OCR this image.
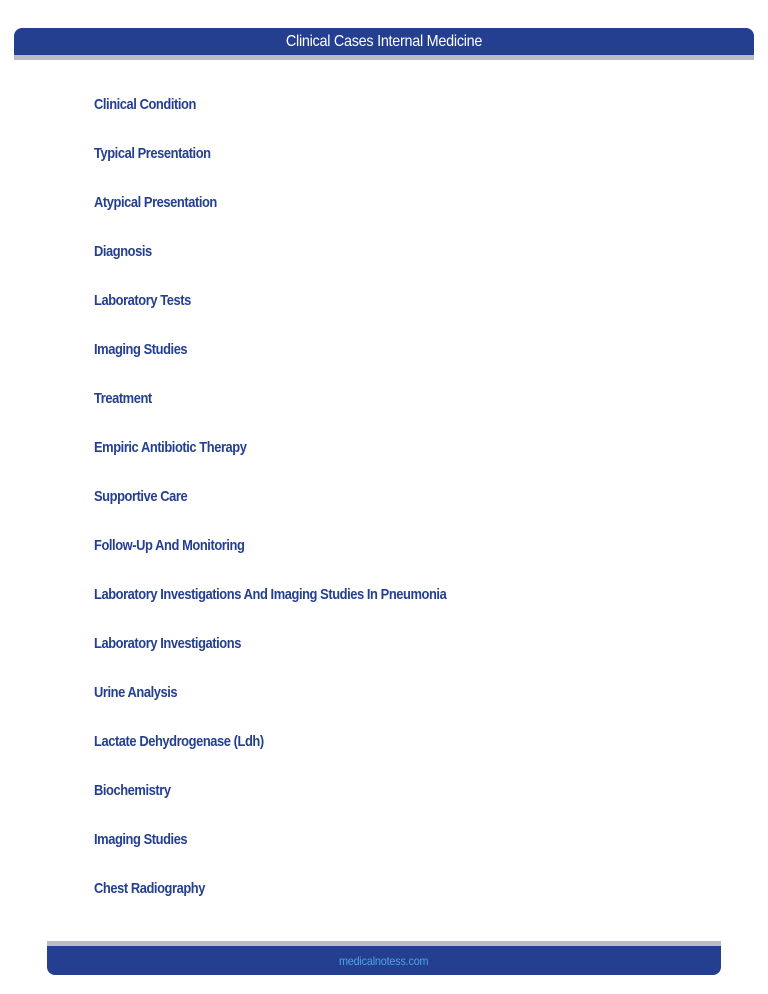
Clinical Cases Internal Medicine
Clinical Condition
Typical Presentation
Atypical Presentation
Diagnosis
Laboratory Tests
Imaging Studies
Treatment
Empiric Antibiotic Therapy
Supportive Care
Follow-Up And Monitoring
Laboratory Investigations And Imaging Studies In Pneumonia
Laboratory Investigations
Urine Analysis
Lactate Dehydrogenase (Ldh)
Biochemistry
Imaging Studies
Chest Radiography
medicalnotess.com
